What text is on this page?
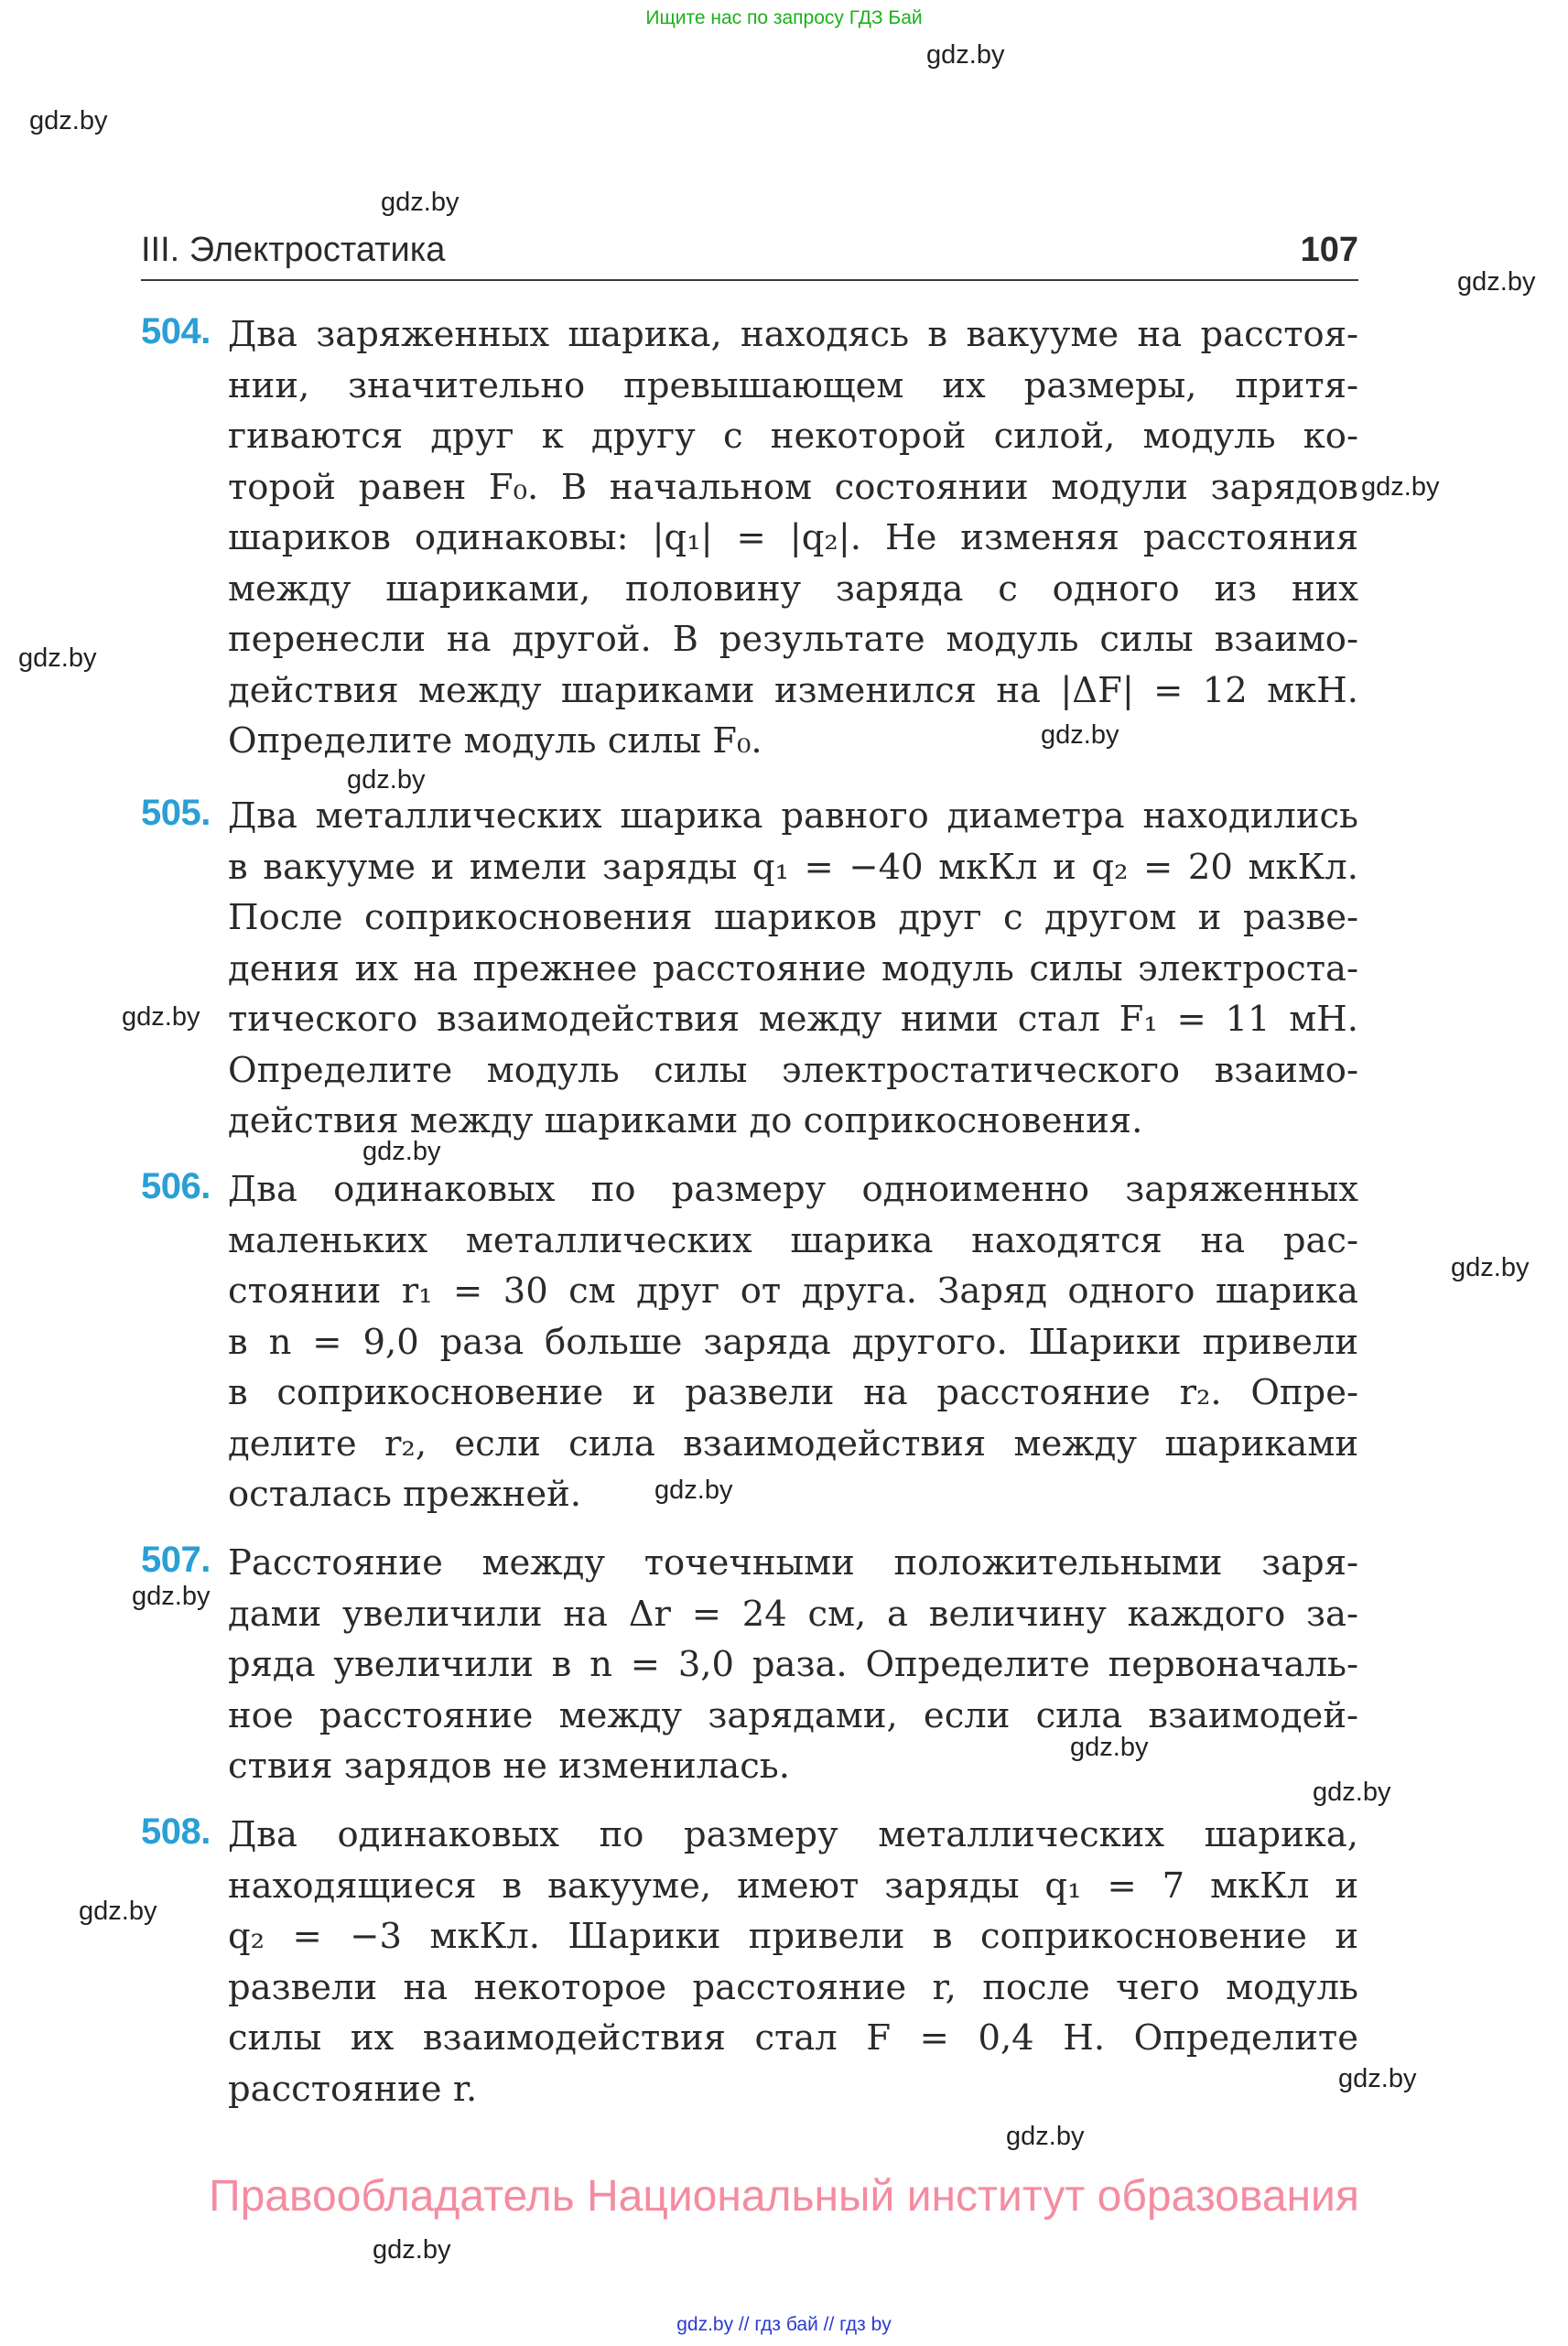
Ищите нас по запросу ГДЗ Бай
gdz.by
gdz.by
gdz.by
gdz.by
gdz.by
gdz.by
gdz.by
gdz.by
gdz.by
gdz.by
gdz.by
gdz.by
gdz.by
gdz.by
gdz.by
gdz.by
gdz.by
gdz.by
gdz.by
III. Электростатика	107
504. Два заряженных шарика, находясь в вакууме на расстоя-
нии, значительно превышающем их размеры, притя-
гиваются друг к другу с некоторой силой, модуль ко-
торой равен F₀. В начальном состоянии модули зарядов
шариков одинаковы: |q₁| = |q₂|. Не изменяя расстояния
между шариками, половину заряда с одного из них
перенесли на другой. В результате модуль силы взаимо-
действия между шариками изменился на |ΔF| = 12 мкН.
Определите модуль силы F₀.
505. Два металлических шарика равного диаметра находились
в вакууме и имели заряды q₁ = −40 мкКл и q₂ = 20 мкКл.
После соприкосновения шариков друг с другом и разве-
дения их на прежнее расстояние модуль силы электроста-
тического взаимодействия между ними стал F₁ = 11 мН.
Определите модуль силы электростатического взаимо-
действия между шариками до соприкосновения.
506. Два одинаковых по размеру одноименно заряженных
маленьких металлических шарика находятся на рас-
стоянии r₁ = 30 см друг от друга. Заряд одного шарика
в n = 9,0 раза больше заряда другого. Шарики привели
в соприкосновение и развели на расстояние r₂. Опре-
делите r₂, если сила взаимодействия между шариками
осталась прежней.
507. Расстояние между точечными положительными заря-
дами увеличили на Δr = 24 см, а величину каждого за-
ряда увеличили в n = 3,0 раза. Определите первоначаль-
ное расстояние между зарядами, если сила взаимодей-
ствия зарядов не изменилась.
508. Два одинаковых по размеру металлических шарика,
находящиеся в вакууме, имеют заряды q₁ = 7 мкКл и
q₂ = −3 мкКл. Шарики привели в соприкосновение и
развели на некоторое расстояние r, после чего модуль
силы их взаимодействия стал F = 0,4 Н. Определите
расстояние r.
Правообладатель Национальный институт образования
gdz.by // гдз бай // гдз by
